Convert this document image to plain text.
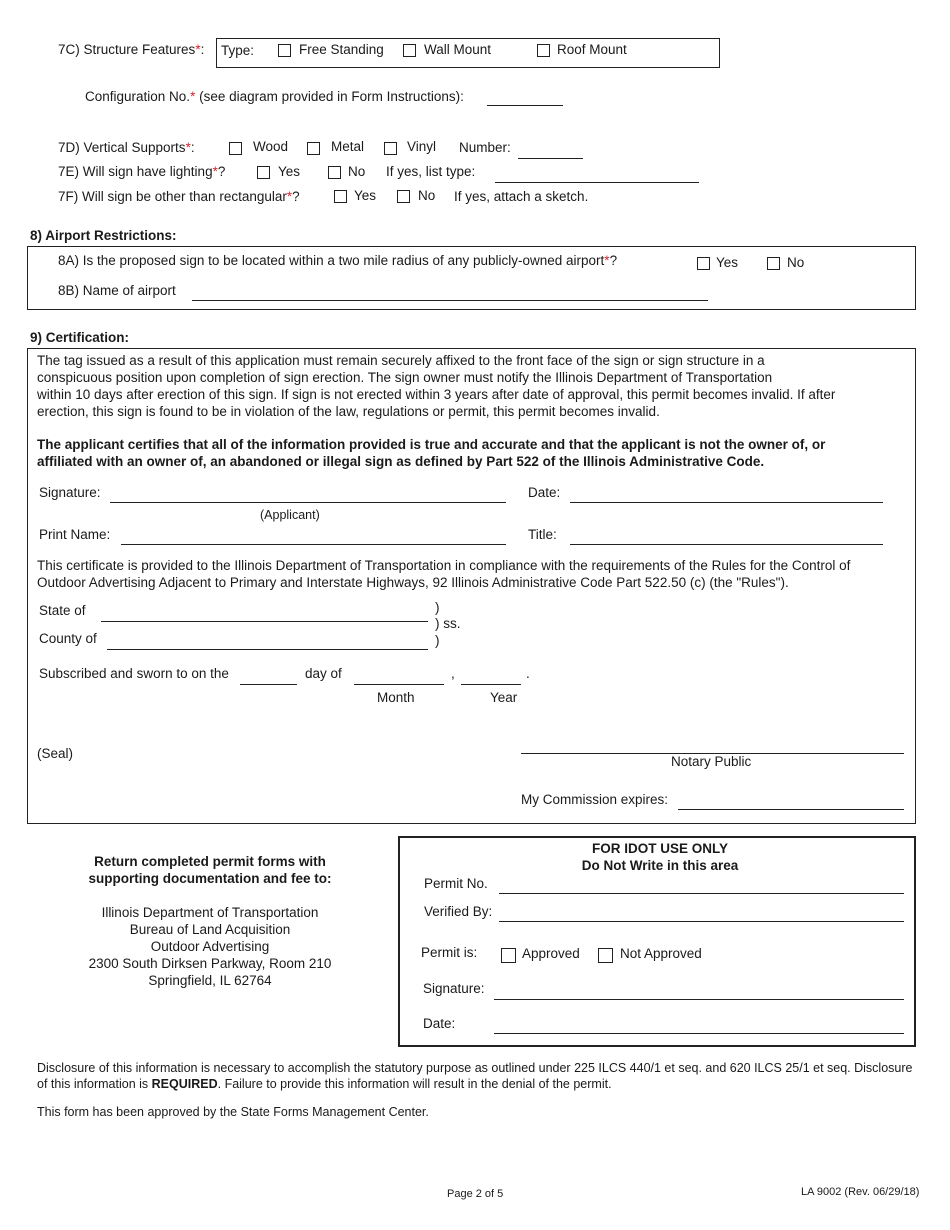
7C) Structure Features*: Type:	Free Standing	Wall Mount	Roof Mount
Configuration No.* (see diagram provided in Form Instructions):
7D) Vertical Supports*:	Wood	Metal	Vinyl Number:
7E) Will sign have lighting*?	Yes	No If yes, list type:
7F) Will sign be other than rectangular*?	Yes	No If yes, attach a sketch.
8) Airport Restrictions:
8A) Is the proposed sign to be located within a two mile radius of any publicly-owned airport*?	Yes	No
8B) Name of airport
9) Certification:
The tag issued as a result of this application must remain securely affixed to the front face of the sign or sign structure in a
conspicuous position upon completion of sign erection. The sign owner must notify the Illinois Department of Transportation
within 10 days after erection of this sign. If sign is not erected within 3 years after date of approval, this permit becomes invalid. If after
erection, this sign is found to be in violation of the law, regulations or permit, this permit becomes invalid.
The applicant certifies that all of the information provided is true and accurate and that the applicant is not the owner of, or
affiliated with an owner of, an abandoned or illegal sign as defined by Part 522 of the Illinois Administrative Code.
Signature:
(Applicant)
Date:
Print Name:	Title:
This certificate is provided to the Illinois Department of Transportation in compliance with the requirements of the Rules for the Control of
Outdoor Advertising Adjacent to Primary and Interstate Highways, 92 Illinois Administrative Code Part 522.50 (c) (the "Rules").
State of
County of
)
) ss.
)
Subscribed and sworn to on the	day of	,	.
Month	Year
(Seal)
Notary Public
My Commission expires:
Return completed permit forms with
supporting documentation and fee to:
Illinois Department of Transportation
Bureau of Land Acquisition
Outdoor Advertising
2300 South Dirksen Parkway, Room 210
Springfield, IL 62764
FOR IDOT USE ONLY
Do Not Write in this area
Permit No.
Verified By:
Permit is:	Approved	Not Approved
Signature:
Date:
Disclosure of this information is necessary to accomplish the statutory purpose as outlined under 225 ILCS 440/1 et seq. and 620 ILCS 25/1 et seq. Disclosure
of this information is REQUIRED. Failure to provide this information will result in the denial of the permit.
This form has been approved by the State Forms Management Center.
Page 2 of 5	LA 9002 (Rev. 06/29/18)
